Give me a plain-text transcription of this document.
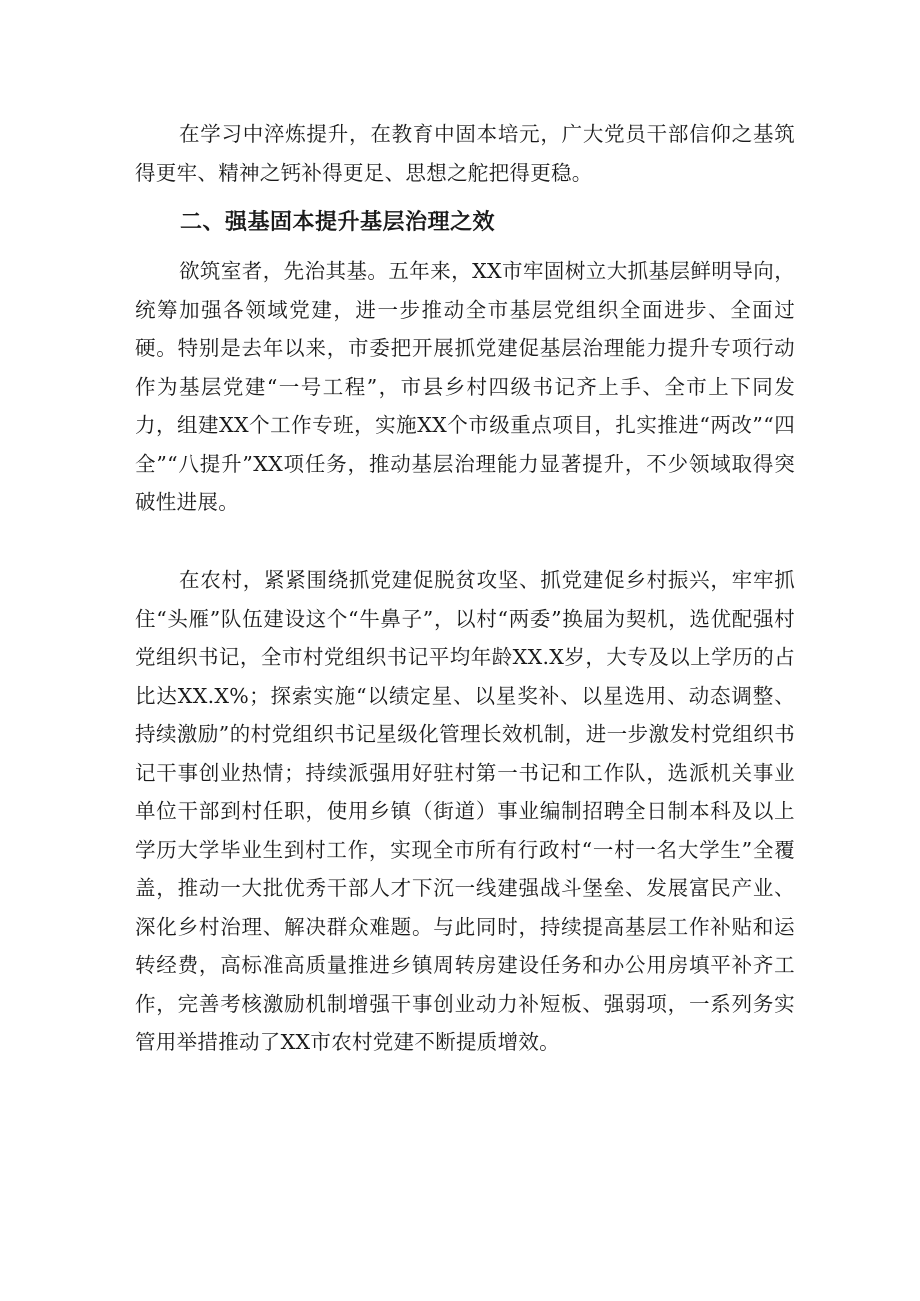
在学习中淬炼提升，在教育中固本培元，广大党员干部信仰之基筑得更牢、精神之钙补得更足、思想之舵把得更稳。

二、强基固本提升基层治理之效

欲筑室者，先治其基。五年来，XX市牢固树立大抓基层鲜明导向，统筹加强各领域党建，进一步推动全市基层党组织全面进步、全面过硬。特别是去年以来，市委把开展抓党建促基层治理能力提升专项行动作为基层党建“一号工程”，市县乡村四级书记齐上手、全市上下同发力，组建XX个工作专班，实施XX个市级重点项目，扎实推进“两改”“四全”“八提升”XX项任务，推动基层治理能力显著提升，不少领域取得突破性进展。

在农村，紧紧围绕抓党建促脱贫攻坚、抓党建促乡村振兴，牢牢抓住“头雁”队伍建设这个“牛鼻子”，以村“两委”换届为契机，选优配强村党组织书记，全市村党组织书记平均年龄XX.X岁，大专及以上学历的占比达XX.X%；探索实施“以绩定星、以星奖补、以星选用、动态调整、持续激励”的村党组织书记星级化管理长效机制，进一步激发村党组织书记干事创业热情；持续派强用好驻村第一书记和工作队，选派机关事业单位干部到村任职，使用乡镇（街道）事业编制招聘全日制本科及以上学历大学毕业生到村工作，实现全市所有行政村“一村一名大学生”全覆盖，推动一大批优秀干部人才下沉一线建强战斗堡垒、发展富民产业、深化乡村治理、解决群众难题。与此同时，持续提高基层工作补贴和运转经费，高标准高质量推进乡镇周转房建设任务和办公用房填平补齐工作，完善考核激励机制增强干事创业动力补短板、强弱项，一系列务实管用举措推动了XX市农村党建不断提质增效。
